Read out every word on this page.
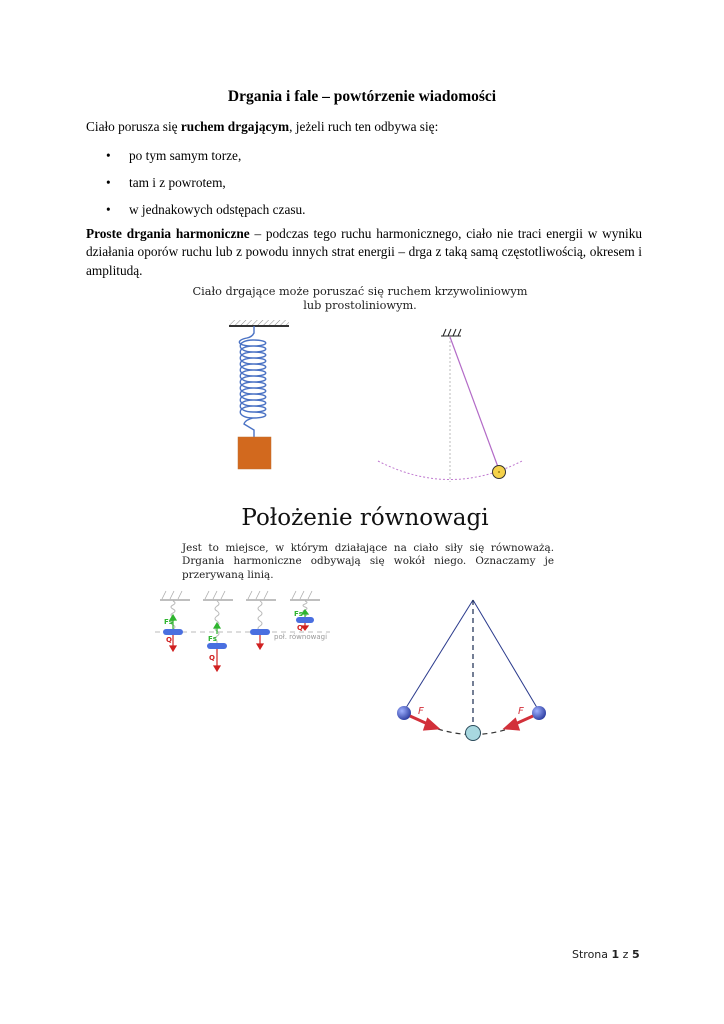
Drgania i fale – powtórzenie wiadomości
Ciało porusza się ruchem drgającym, jeżeli ruch ten odbywa się:
• po tym samym torze,
• tam i z powrotem,
• w jednakowych odstępach czasu.
Proste drgania harmoniczne – podczas tego ruchu harmonicznego, ciało nie traci energii w wyniku działania oporów ruchu lub z powodu innych strat energii – drga z taką samą częstotliwością, okresem i amplitudą.
Ciało drgające może poruszać się ruchem krzywoliniowym
lub prostoliniowym.
Położenie równowagi
Jest to miejsce, w którym działające na ciało siły się równoważą. Drgania harmoniczne odbywają się wokół niego. Oznaczamy je przerywaną linią.
Fs
Q	Fs
Q
Fs
Q
poł. równowagi
F	F
Strona 1 z 5
